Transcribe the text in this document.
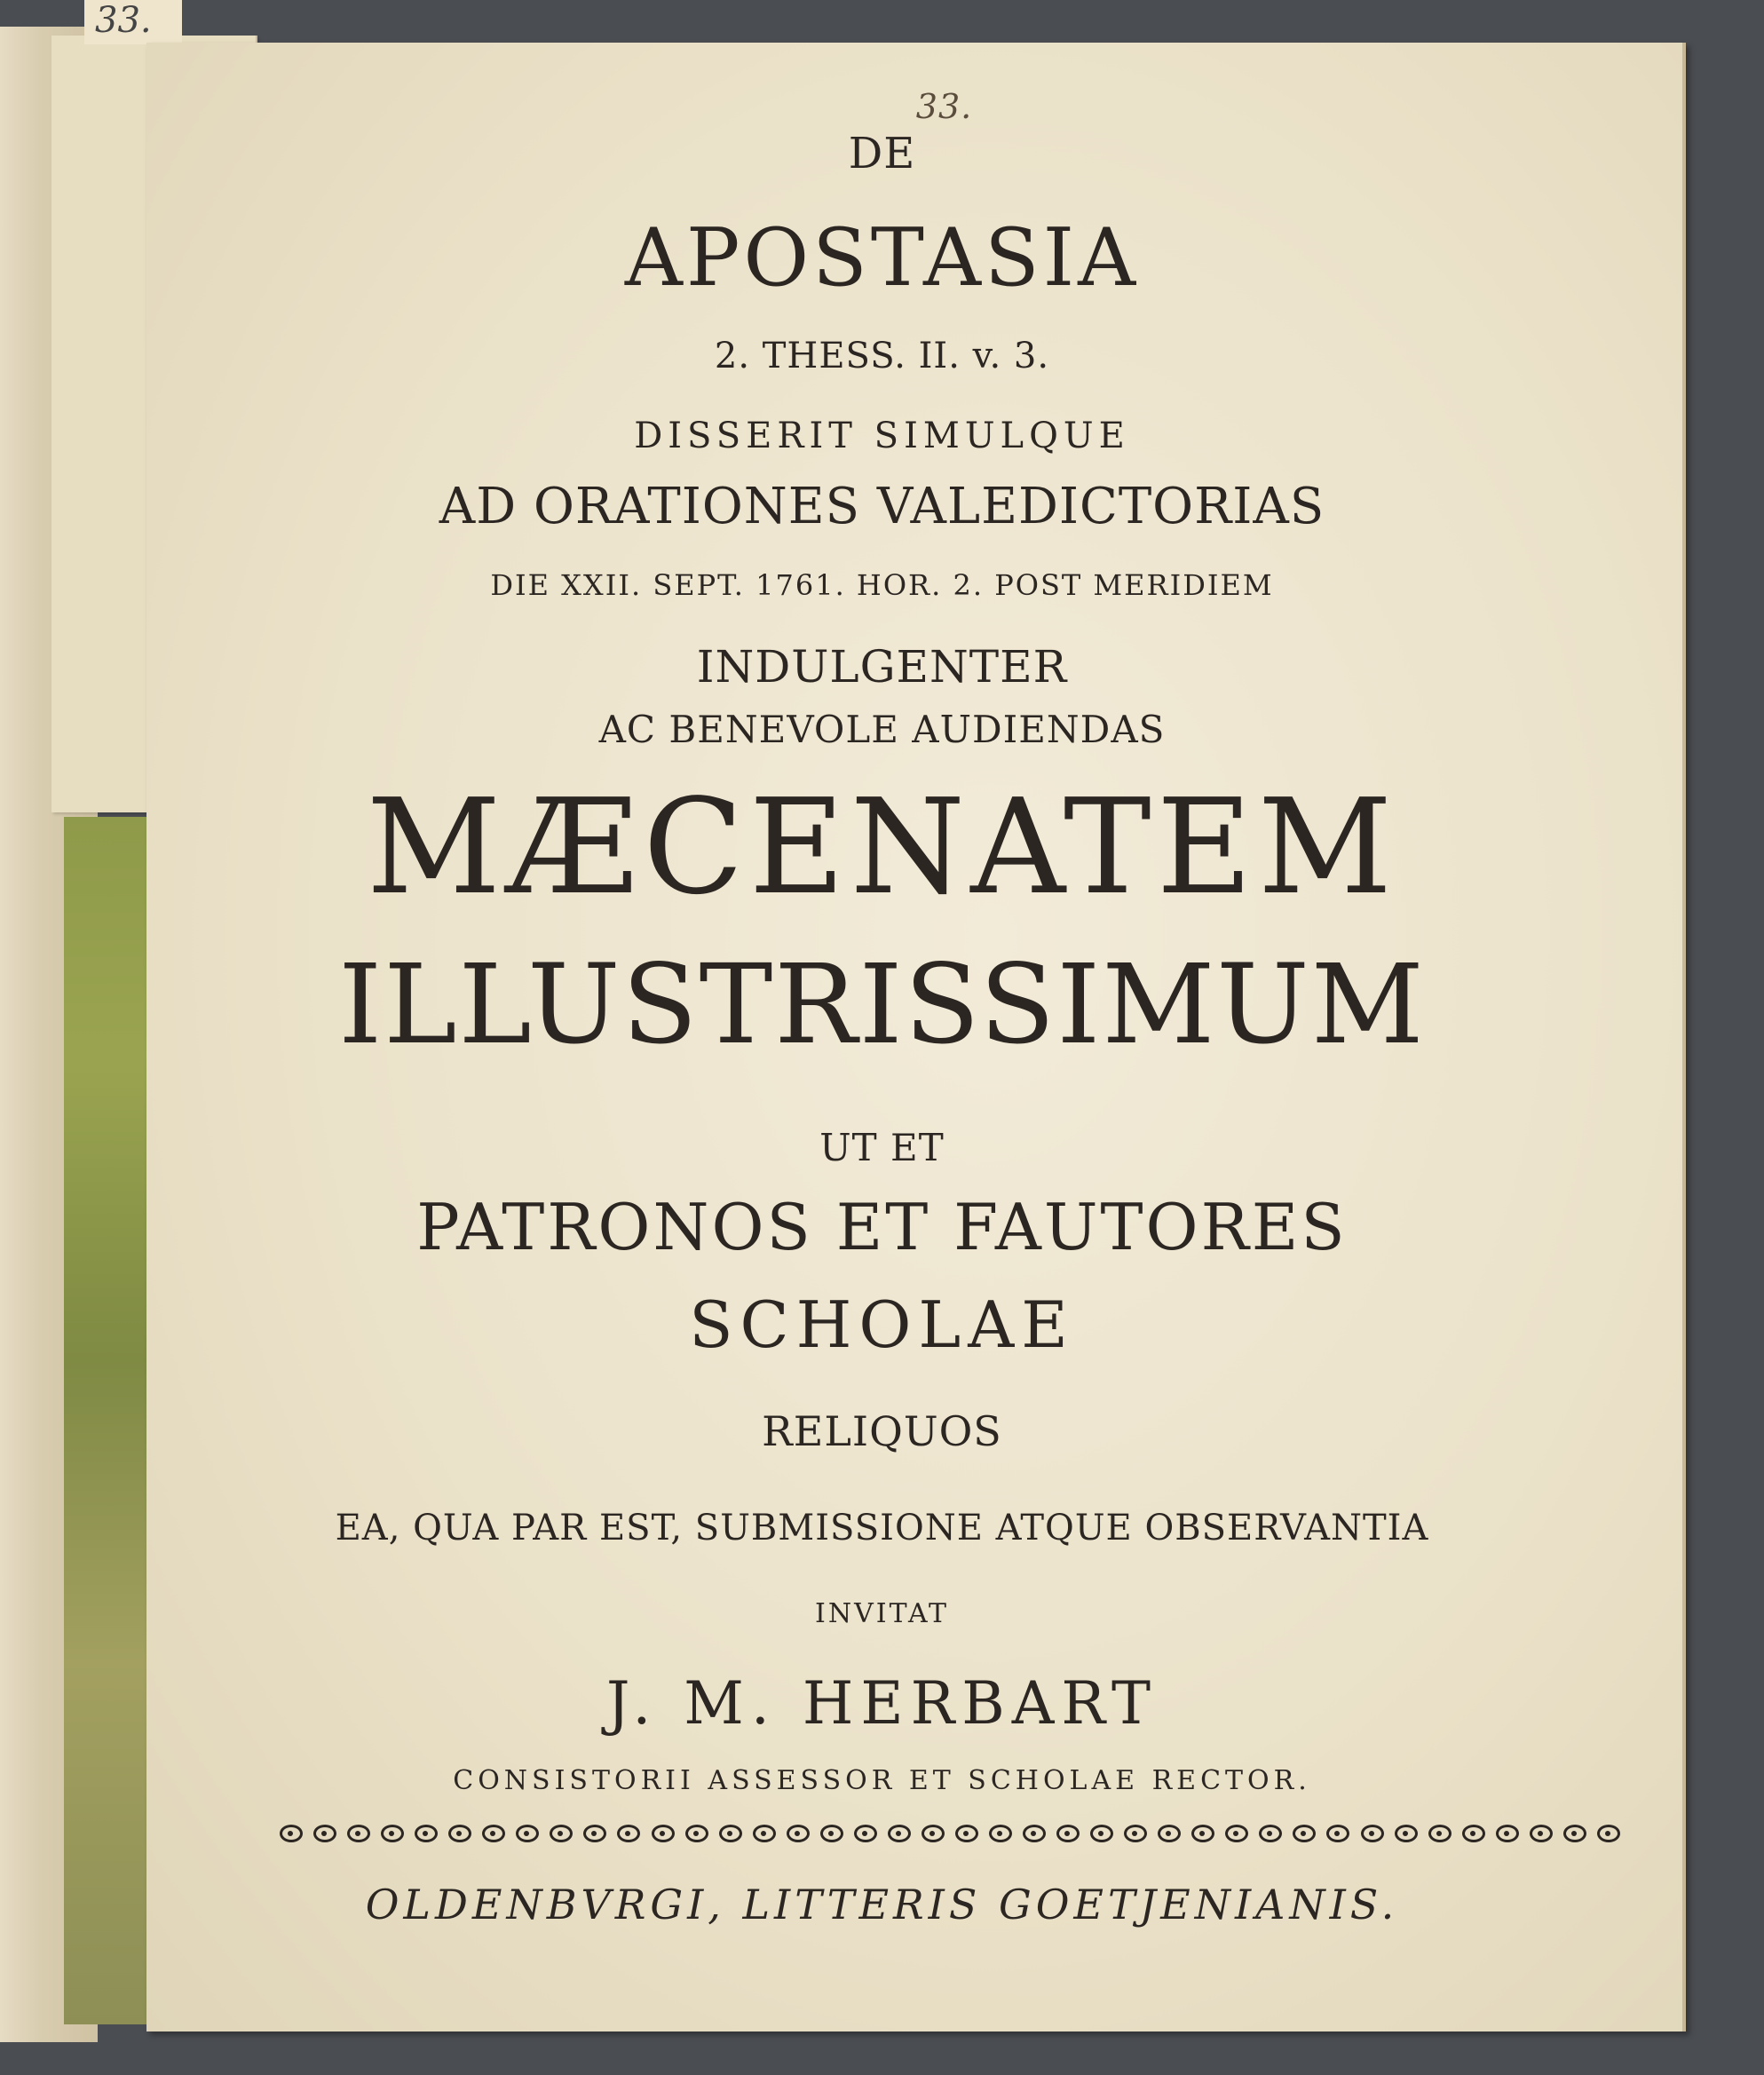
33.
33.
DE
APOSTASIA
2. THESS. II. v. 3.
DISSERIT SIMULQUE
AD ORATIONES VALEDICTORIAS
DIE XXII. SEPT. 1761. HOR. 2. POST MERIDIEM
INDULGENTER
AC BENEVOLE AUDIENDAS
MÆCENATEM
ILLUSTRISSIMUM
UT ET
PATRONOS ET FAUTORES
SCHOLAE
RELIQUOS
EA, QUA PAR EST, SUBMISSIONE ATQUE OBSERVANTIA
INVITAT
J. M. HERBART
CONSISTORII ASSESSOR ET SCHOLAE RECTOR.
OLDENBVRGI, LITTERIS GOETJENIANIS.
